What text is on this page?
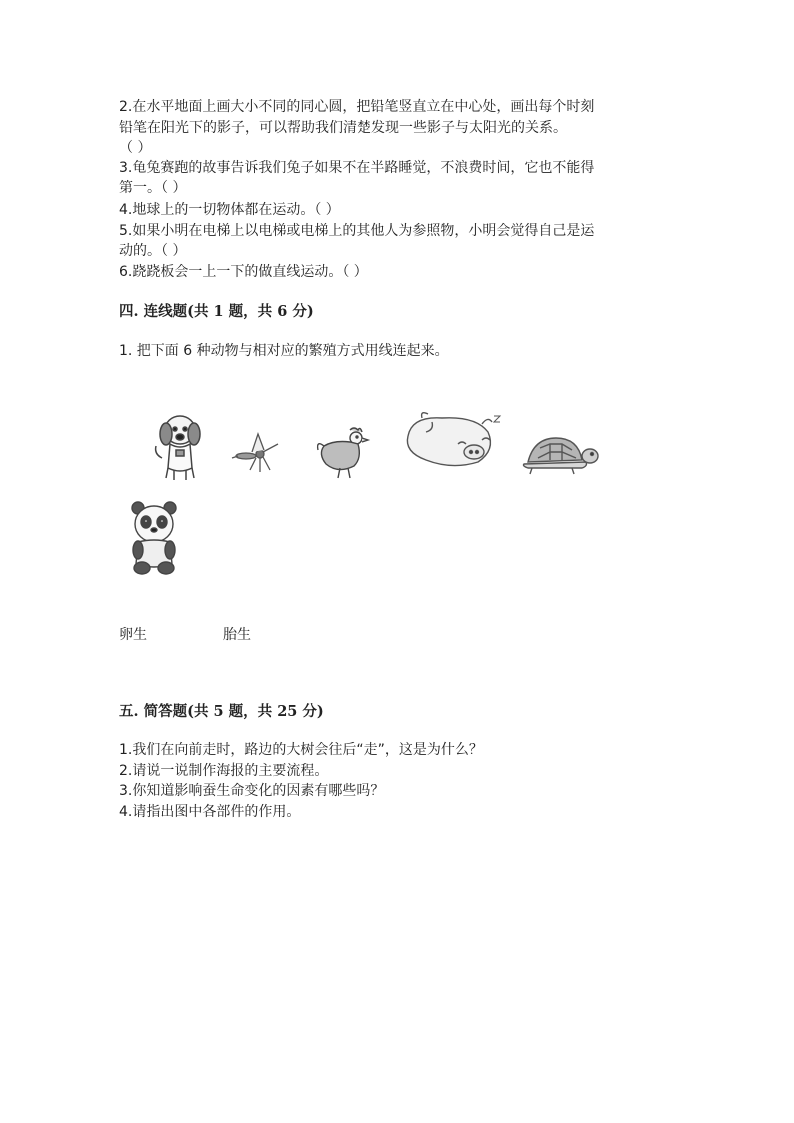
2.在水平地面上画大小不同的同心圆，把铅笔竖直立在中心处，画出每个时刻
铅笔在阳光下的影子，可以帮助我们清楚发现一些影子与太阳光的关系。
（ ）
3.龟兔赛跑的故事告诉我们兔子如果不在半路睡觉，不浪费时间，它也不能得
第一。（ ）
4.地球上的一切物体都在运动。（ ）
5.如果小明在电梯上以电梯或电梯上的其他人为参照物，小明会觉得自己是运
动的。（ ）
6.跷跷板会一上一下的做直线运动。（ ）
四. 连线题(共 1 题，共 6 分)
1. 把下面 6 种动物与相对应的繁殖方式用线连起来。
卵生	胎生
五. 简答题(共 5 题，共 25 分)
1.我们在向前走时，路边的大树会往后“走”，这是为什么？
2.请说一说制作海报的主要流程。
3.你知道影响蚕生命变化的因素有哪些吗？
4.请指出图中各部件的作用。
